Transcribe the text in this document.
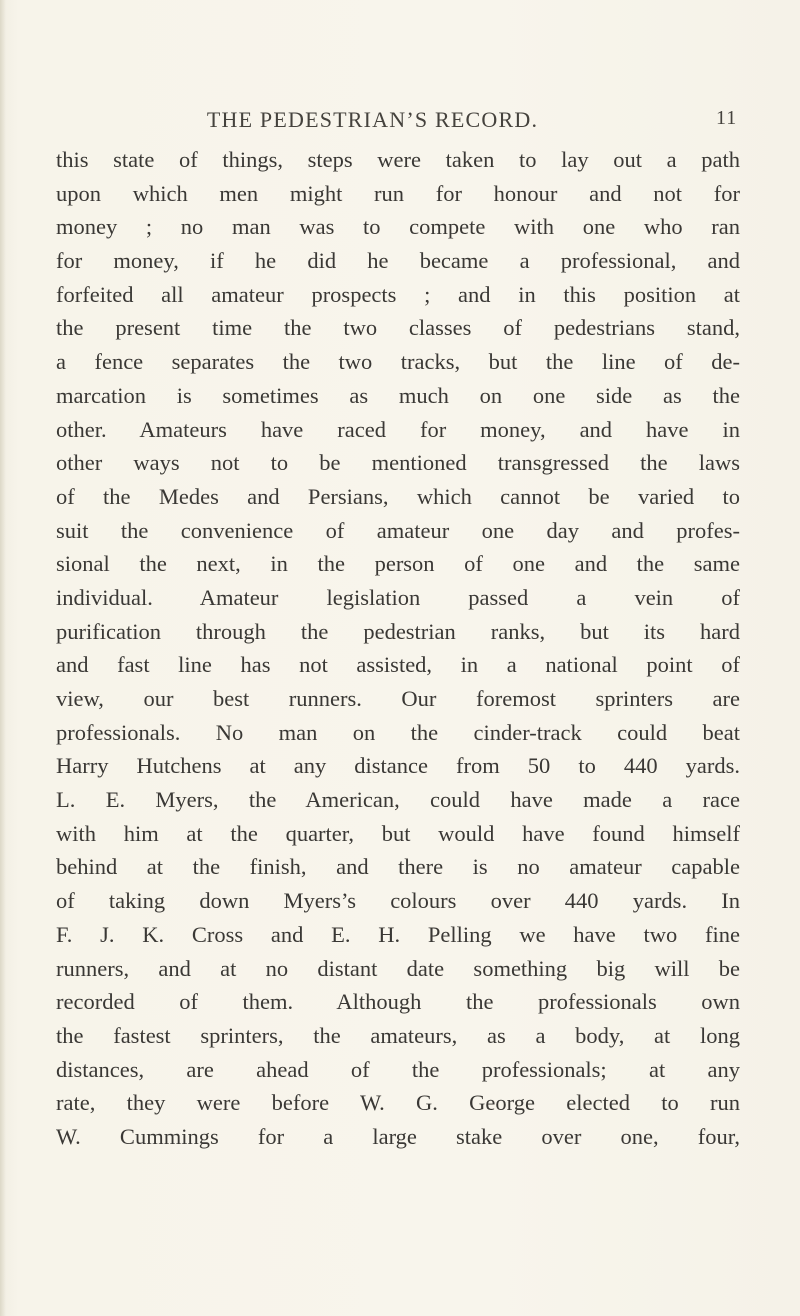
THE PEDESTRIAN’S RECORD.	11
this state of things, steps were taken to lay out a path
upon which men might run for honour and not for
money ; no man was to compete with one who ran
for money, if he did he became a professional, and
forfeited all amateur prospects ; and in this position at
the present time the two classes of pedestrians stand,
a fence separates the two tracks, but the line of de-
marcation is sometimes as much on one side as the
other. Amateurs have raced for money, and have in
other ways not to be mentioned transgressed the laws
of the Medes and Persians, which cannot be varied to
suit the convenience of amateur one day and profes-
sional the next, in the person of one and the same
individual. Amateur legislation passed a vein of
purification through the pedestrian ranks, but its hard
and fast line has not assisted, in a national point of
view, our best runners. Our foremost sprinters are
professionals. No man on the cinder-track could beat
Harry Hutchens at any distance from 50 to 440 yards.
L. E. Myers, the American, could have made a race
with him at the quarter, but would have found himself
behind at the finish, and there is no amateur capable
of taking down Myers’s colours over 440 yards. In
F. J. K. Cross and E. H. Pelling we have two fine
runners, and at no distant date something big will be
recorded of them. Although the professionals own
the fastest sprinters, the amateurs, as a body, at long
distances, are ahead of the professionals; at any
rate, they were before W. G. George elected to run
W. Cummings for a large stake over one, four,
